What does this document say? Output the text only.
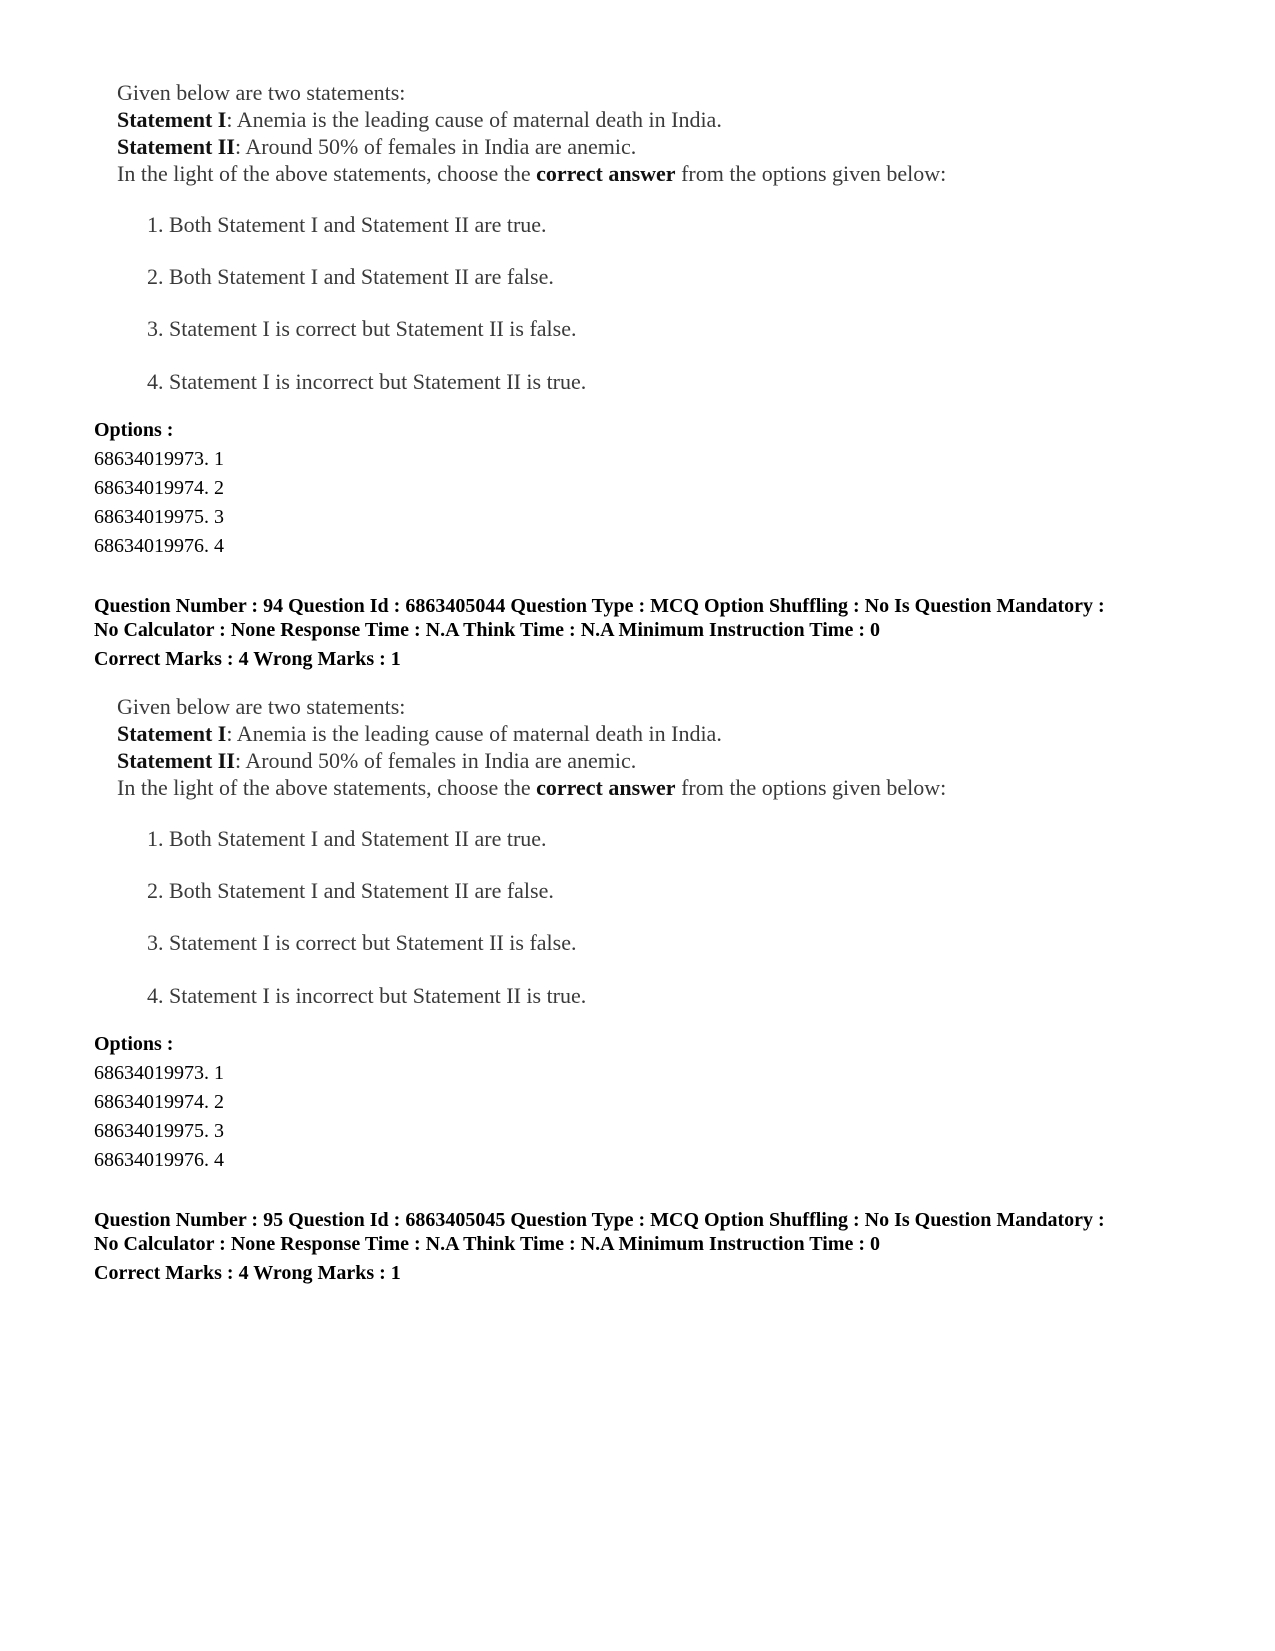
Given below are two statements:
Statement I: Anemia is the leading cause of maternal death in India.
Statement II: Around 50% of females in India are anemic.
In the light of the above statements, choose the correct answer from the options given below:
1. Both Statement I and Statement II are true.
2. Both Statement I and Statement II are false.
3. Statement I is correct but Statement II is false.
4. Statement I is incorrect but Statement II is true.
Options :
68634019973. 1
68634019974. 2
68634019975. 3
68634019976. 4
Question Number : 94 Question Id : 6863405044 Question Type : MCQ Option Shuffling : No Is Question Mandatory :
No Calculator : None Response Time : N.A Think Time : N.A Minimum Instruction Time : 0
Correct Marks : 4 Wrong Marks : 1
Given below are two statements:
Statement I: Anemia is the leading cause of maternal death in India.
Statement II: Around 50% of females in India are anemic.
In the light of the above statements, choose the correct answer from the options given below:
1. Both Statement I and Statement II are true.
2. Both Statement I and Statement II are false.
3. Statement I is correct but Statement II is false.
4. Statement I is incorrect but Statement II is true.
Options :
68634019973. 1
68634019974. 2
68634019975. 3
68634019976. 4
Question Number : 95 Question Id : 6863405045 Question Type : MCQ Option Shuffling : No Is Question Mandatory :
No Calculator : None Response Time : N.A Think Time : N.A Minimum Instruction Time : 0
Correct Marks : 4 Wrong Marks : 1
